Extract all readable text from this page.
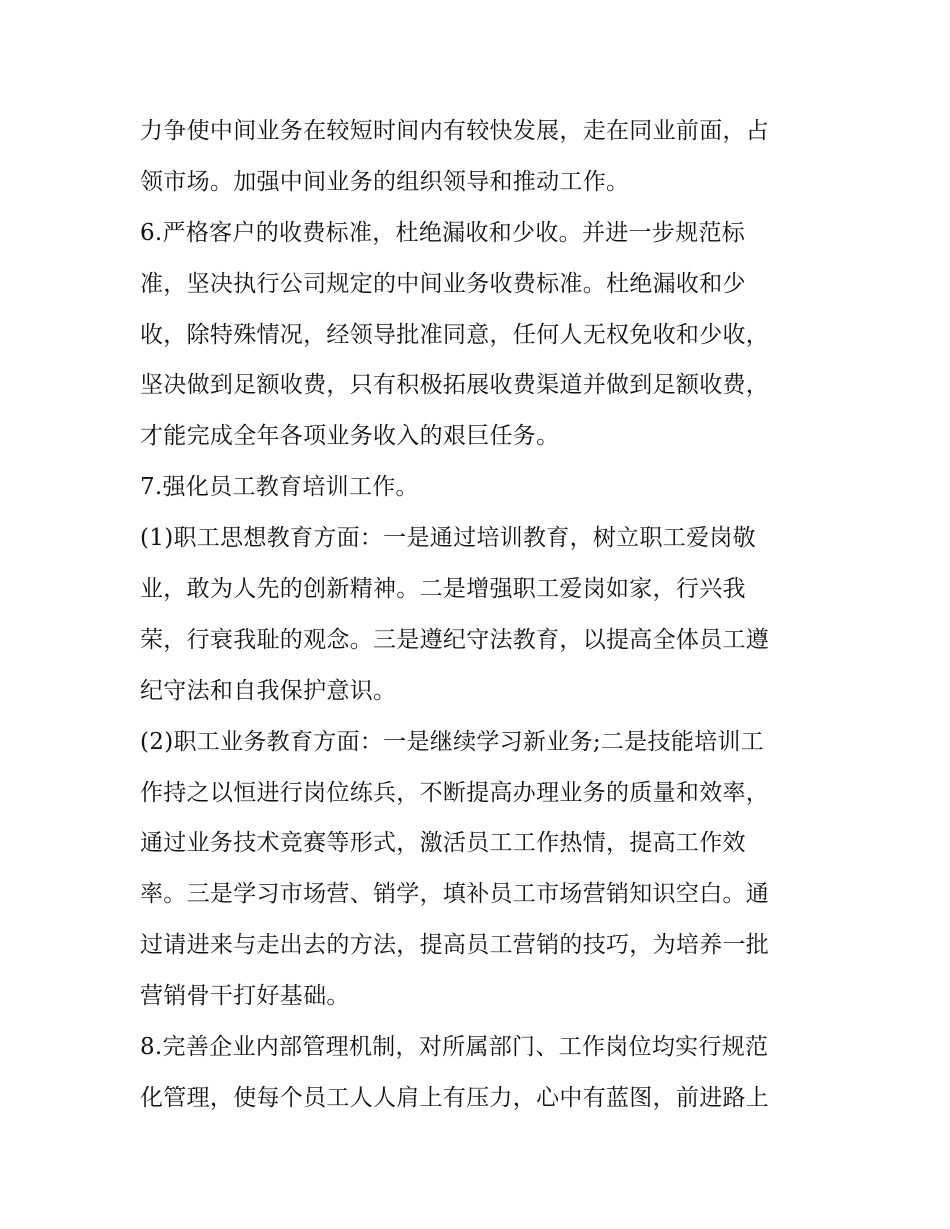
力争使中间业务在较短时间内有较快发展，走在同业前面，占
领市场。加强中间业务的组织领导和推动工作。
6.严格客户的收费标准，杜绝漏收和少收。并进一步规范标
准，坚决执行公司规定的中间业务收费标准。杜绝漏收和少
收，除特殊情况，经领导批准同意，任何人无权免收和少收，
坚决做到足额收费，只有积极拓展收费渠道并做到足额收费，
才能完成全年各项业务收入的艰巨任务。
7.强化员工教育培训工作。
(1)职工思想教育方面：一是通过培训教育，树立职工爱岗敬
业，敢为人先的创新精神。二是增强职工爱岗如家，行兴我
荣，行衰我耻的观念。三是遵纪守法教育，以提高全体员工遵
纪守法和自我保护意识。
(2)职工业务教育方面：一是继续学习新业务;二是技能培训工
作持之以恒进行岗位练兵，不断提高办理业务的质量和效率，
通过业务技术竞赛等形式，激活员工工作热情，提高工作效
率。三是学习市场营、销学，填补员工市场营销知识空白。通
过请进来与走出去的方法，提高员工营销的技巧，为培养一批
营销骨干打好基础。
8.完善企业内部管理机制，对所属部门、工作岗位均实行规范
化管理，使每个员工人人肩上有压力，心中有蓝图，前进路上
